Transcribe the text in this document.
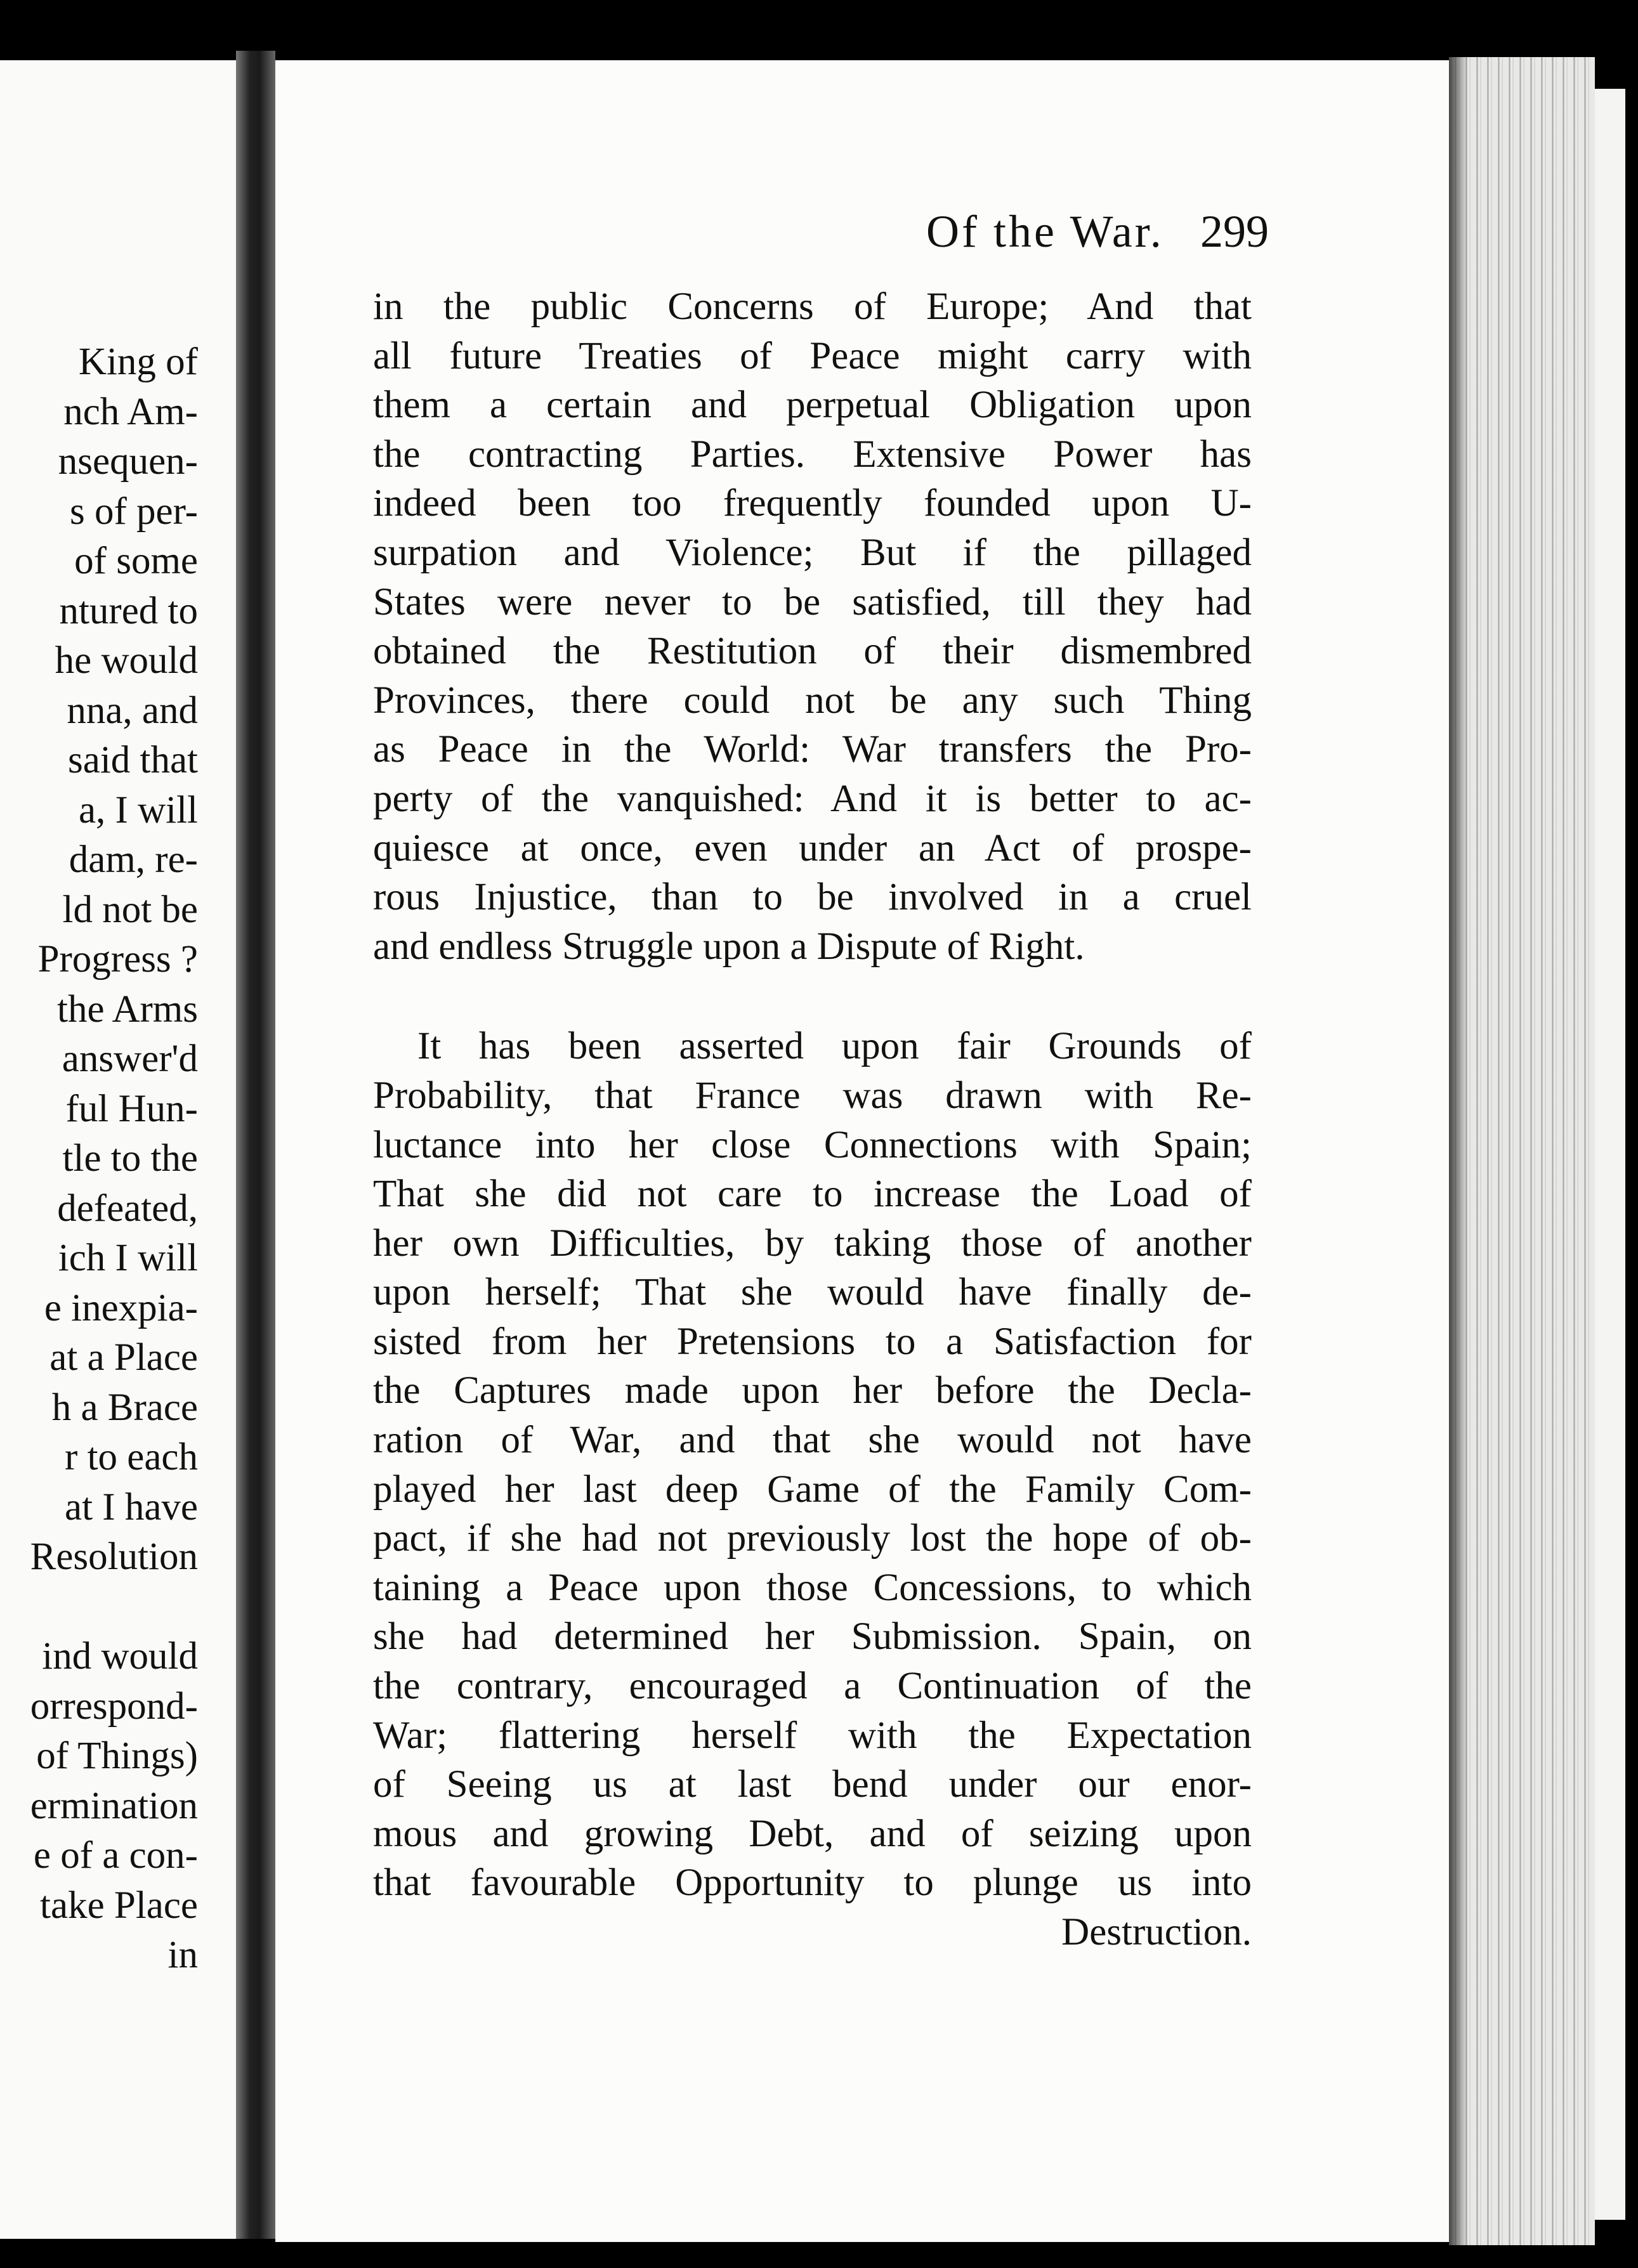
King of
nch Am-
nsequen-
s of per-
of some
ntured to
he would
nna, and
said that
a, I will
dam, re-
ld not be
Progress ?
the Arms
answer'd
ful Hun-
tle to the
defeated,
ich I will
e inexpia-
at a Place
h a Brace
r to each
at I have
Resolution
ind would
orrespond-
of Things)
ermination
e of a con-
take Place
in
Of the War. 299
in the public Concerns of Europe; And that
all future Treaties of Peace might carry with
them a certain and perpetual Obligation upon
the contracting Parties. Extensive Power has
indeed been too frequently founded upon U-
surpation and Violence; But if the pillaged
States were never to be satisfied, till they had
obtained the Restitution of their dismembred
Provinces, there could not be any such Thing
as Peace in the World: War transfers the Pro-
perty of the vanquished: And it is better to ac-
quiesce at once, even under an Act of prospe-
rous Injustice, than to be involved in a cruel
and endless Struggle upon a Dispute of Right.
It has been asserted upon fair Grounds of
Probability, that France was drawn with Re-
luctance into her close Connections with Spain;
That she did not care to increase the Load of
her own Difficulties, by taking those of another
upon herself; That she would have finally de-
sisted from her Pretensions to a Satisfaction for
the Captures made upon her before the Decla-
ration of War, and that she would not have
played her last deep Game of the Family Com-
pact, if she had not previously lost the hope of ob-
taining a Peace upon those Concessions, to which
she had determined her Submission. Spain, on
the contrary, encouraged a Continuation of the
War; flattering herself with the Expectation
of Seeing us at last bend under our enor-
mous and growing Debt, and of seizing upon
that favourable Opportunity to plunge us into
Destruction.
